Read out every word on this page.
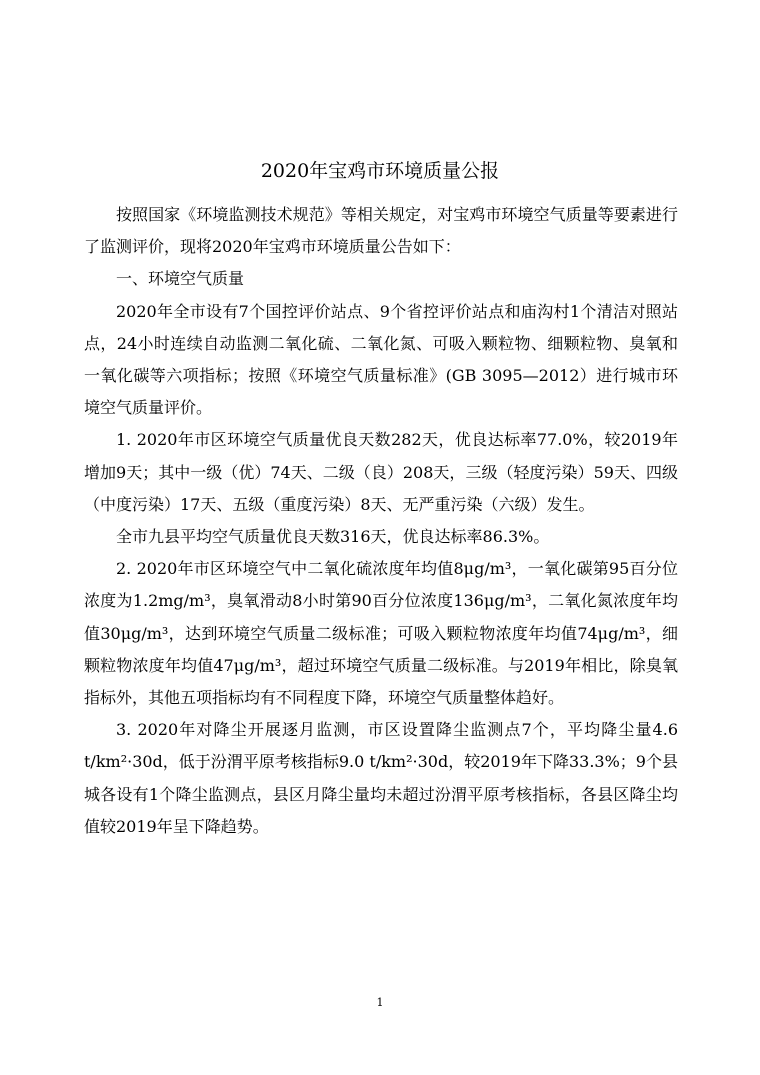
2020年宝鸡市环境质量公报

按照国家《环境监测技术规范》等相关规定，对宝鸡市环境空气质量等要素进行了监测评价，现将2020年宝鸡市环境质量公告如下：

一、环境空气质量

2020年全市设有7个国控评价站点、9个省控评价站点和庙沟村1个清洁对照站点，24小时连续自动监测二氧化硫、二氧化氮、可吸入颗粒物、细颗粒物、臭氧和一氧化碳等六项指标；按照《环境空气质量标准》(GB 3095—2012）进行城市环境空气质量评价。

1. 2020年市区环境空气质量优良天数282天，优良达标率77.0%，较2019年增加9天；其中一级（优）74天、二级（良）208天，三级（轻度污染）59天、四级（中度污染）17天、五级（重度污染）8天、无严重污染（六级）发生。

全市九县平均空气质量优良天数316天，优良达标率86.3%。

2. 2020年市区环境空气中二氧化硫浓度年均值8μg/m³，一氧化碳第95百分位浓度为1.2mg/m³，臭氧滑动8小时第90百分位浓度136μg/m³，二氧化氮浓度年均值30μg/m³，达到环境空气质量二级标准；可吸入颗粒物浓度年均值74μg/m³，细颗粒物浓度年均值47μg/m³，超过环境空气质量二级标准。与2019年相比，除臭氧指标外，其他五项指标均有不同程度下降，环境空气质量整体趋好。

3. 2020年对降尘开展逐月监测，市区设置降尘监测点7个，平均降尘量4.6 t/km²·30d，低于汾渭平原考核指标9.0 t/km²·30d，较2019年下降33.3%；9个县城各设有1个降尘监测点，县区月降尘量均未超过汾渭平原考核指标，各县区降尘均值较2019年呈下降趋势。

1
